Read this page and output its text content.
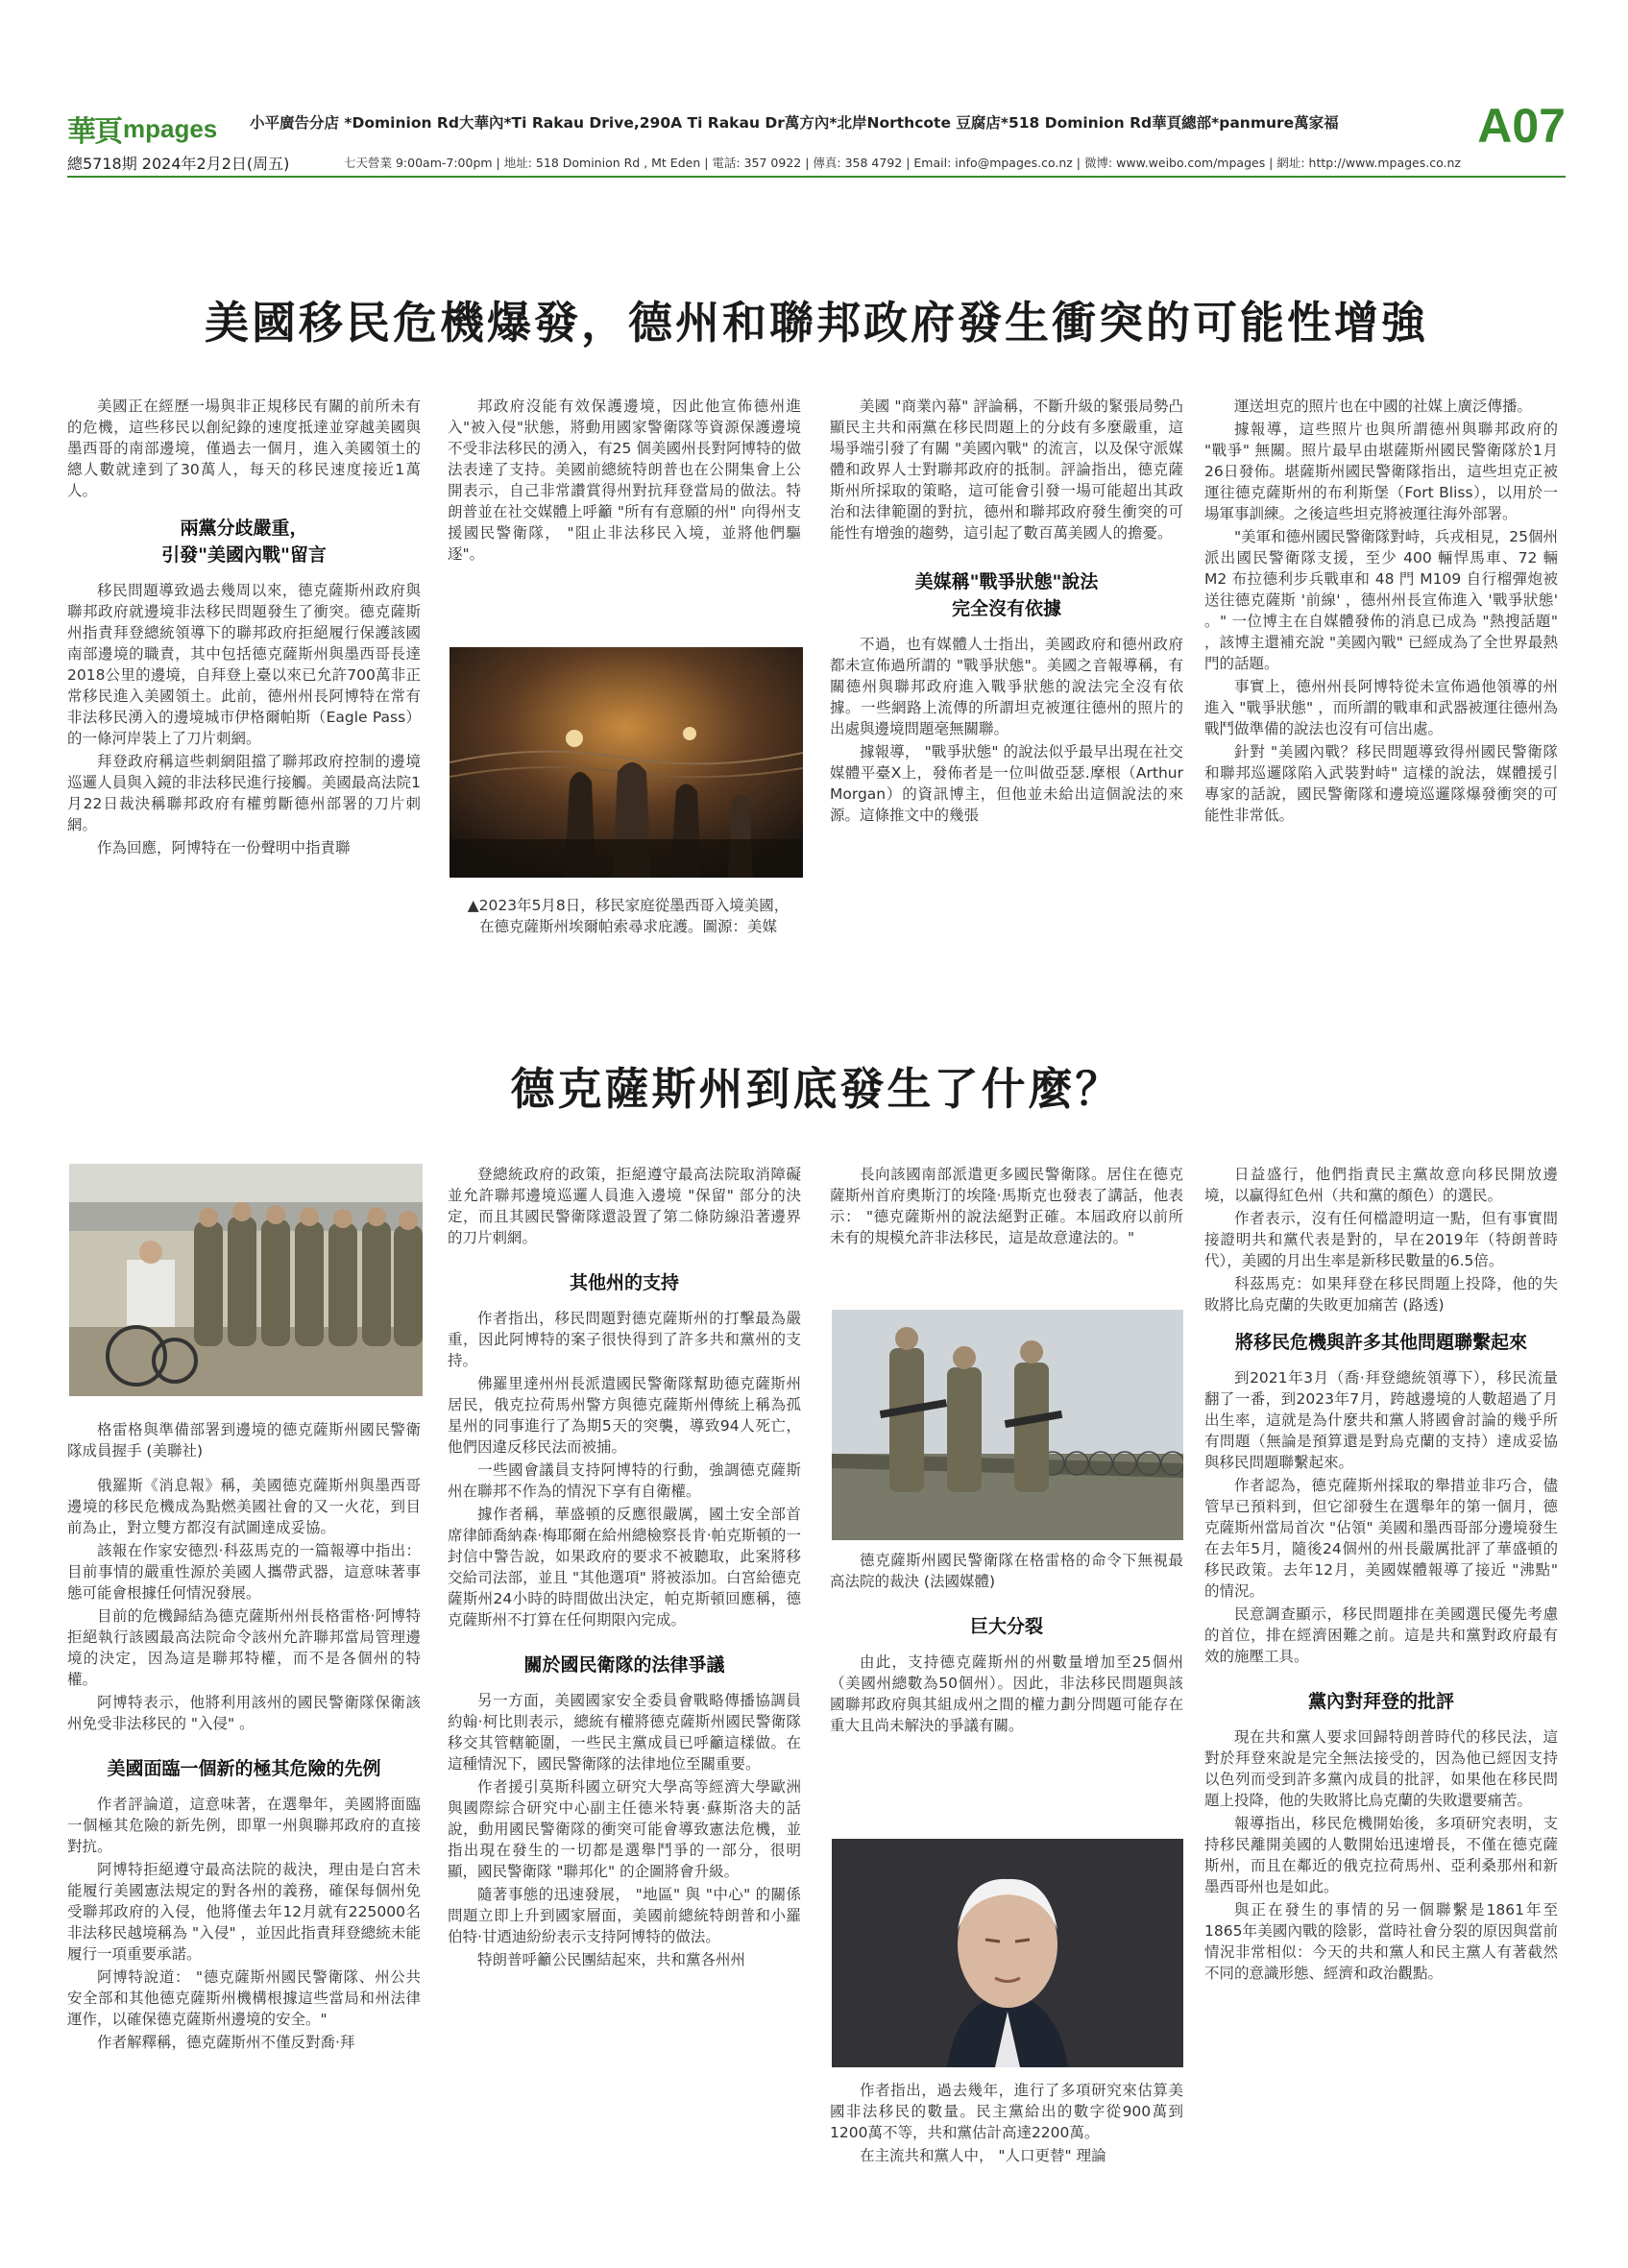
華頁 mpages 小平廣告分店 *Dominion Rd大華內*Ti Rakau Drive,290A Ti Rakau Dr萬方內*北岸Northcote 豆腐店*518 Dominion Rd華頁總部*panmure萬家福	A07
總5718期 2024年2月2日(周五)	七天營業 9:00am-7:00pm | 地址: 518 Dominion Rd , Mt Eden | 電話: 357 0922 | 傳真: 358 4792 | Email: info@mpages.co.nz | 微博: www.weibo.com/mpages | 網址: http://www.mpages.co.nz
美國移民危機爆發，德州和聯邦政府發生衝突的可能性增強

美國正在經歷一場與非正規移民有關的前所未有的危機，這些移民以創紀錄的速度抵達並穿越美國與墨西哥的南部邊境，僅過去一個月，進入美國領土的總人數就達到了30萬人，每天的移民速度接近1萬人。

兩黨分歧嚴重，
引發"美國內戰"留言

移民問題導致過去幾周以來，德克薩斯州政府與聯邦政府就邊境非法移民問題發生了衝突。德克薩斯州指責拜登總統領導下的聯邦政府拒絕履行保護該國南部邊境的職責，其中包括德克薩斯州與墨西哥長達2018公里的邊境，自拜登上臺以來已允許700萬非正常移民進入美國領土。此前，德州州長阿博特在常有非法移民湧入的邊境城市伊格爾帕斯（Eagle Pass）的一條河岸裝上了刀片刺網。

拜登政府稱這些刺網阻擋了聯邦政府控制的邊境巡邏人員與入鏡的非法移民進行接觸。美國最高法院1月22日裁決稱聯邦政府有權剪斷德州部署的刀片刺網。

作為回應，阿博特在一份聲明中指責聯

邦政府沒能有效保護邊境，因此他宣佈德州進入"被入侵"狀態，將動用國家警衛隊等資源保護邊境不受非法移民的湧入，有25 個美國州長對阿博特的做法表達了支持。美國前總統特朗普也在公開集會上公開表示，自己非常讚賞得州對抗拜登當局的做法。特朗普並在社交媒體上呼籲 "所有有意願的州" 向得州支援國民警衛隊， "阻止非法移民入境，並將他們驅逐"。

▲2023年5月8日，移民家庭從墨西哥入境美國，在德克薩斯州埃爾帕索尋求庇護。圖源：美媒

美國 "商業內幕" 評論稱，不斷升級的緊張局勢凸顯民主共和兩黨在移民問題上的分歧有多麼嚴重，這場爭端引發了有關 "美國內戰" 的流言，以及保守派媒體和政界人士對聯邦政府的抵制。評論指出，德克薩斯州所採取的策略，這可能會引發一場可能超出其政治和法律範圍的對抗，德州和聯邦政府發生衝突的可能性有增強的趨勢，這引起了數百萬美國人的擔憂。

美媒稱"戰爭狀態"說法
完全沒有依據

不過，也有媒體人士指出，美國政府和德州政府都未宣佈過所謂的 "戰爭狀態"。美國之音報導稱，有關德州與聯邦政府進入戰爭狀態的說法完全沒有依據。一些網路上流傳的所謂坦克被運往德州的照片的出處與邊境問題毫無關聯。

據報導， "戰爭狀態" 的說法似乎最早出現在社交媒體平臺X上，發佈者是一位叫做亞瑟.摩根（Arthur Morgan）的資訊博主，但他並未給出這個說法的來源。這條推文中的幾張

運送坦克的照片也在中國的社媒上廣泛傳播。

據報導，這些照片也與所謂德州與聯邦政府的 "戰爭" 無關。照片最早由堪薩斯州國民警衛隊於1月26日發佈。堪薩斯州國民警衛隊指出，這些坦克正被運往德克薩斯州的布利斯堡（Fort Bliss），以用於一場軍事訓練。之後這些坦克將被運往海外部署。

"美軍和德州國民警衛隊對峙，兵戎相見，25個州派出國民警衛隊支援，至少 400 輛悍馬車、72 輛 M2 布拉德利步兵戰車和 48 門 M109 自行榴彈炮被送往德克薩斯 '前線' ，德州州長宣佈進入 '戰爭狀態' 。" 一位博主在自媒體發佈的消息已成為 "熱搜話題" ，該博主還補充說 "美國內戰" 已經成為了全世界最熱門的話題。

事實上，德州州長阿博特從未宣佈過他領導的州進入 "戰爭狀態" ，而所謂的戰車和武器被運往德州為戰鬥做準備的說法也沒有可信出處。

針對 "美國內戰？移民問題導致得州國民警衛隊和聯邦巡邏隊陷入武裝對峙" 這樣的說法，媒體援引專家的話說，國民警衛隊和邊境巡邏隊爆發衝突的可能性非常低。

德克薩斯州到底發生了什麼？
格雷格與準備部署到邊境的德克薩斯州國民警衛隊成員握手 (美聯社)

俄羅斯《消息報》稱，美國德克薩斯州與墨西哥邊境的移民危機成為點燃美國社會的又一火花，到目前為止，對立雙方都沒有試圖達成妥協。

該報在作家安德烈·科茲馬克的一篇報導中指出：目前事情的嚴重性源於美國人攜帶武器，這意味著事態可能會根據任何情況發展。

目前的危機歸結為德克薩斯州州長格雷格·阿博特拒絕執行該國最高法院命令該州允許聯邦當局管理邊境的決定，因為這是聯邦特權，而不是各個州的特權。

阿博特表示，他將利用該州的國民警衛隊保衛該州免受非法移民的 "入侵" 。

美國面臨一個新的極其危險的先例

作者評論道，這意味著，在選舉年，美國將面臨一個極其危險的新先例，即單一州與聯邦政府的直接對抗。

阿博特拒絕遵守最高法院的裁決，理由是白宮未能履行美國憲法規定的對各州的義務，確保每個州免受聯邦政府的入侵，他將僅去年12月就有225000名非法移民越境稱為 "入侵" ，並因此指責拜登總統未能履行一項重要承諾。

阿博特說道： "德克薩斯州國民警衛隊、州公共安全部和其他德克薩斯州機構根據這些當局和州法律運作，以確保德克薩斯州邊境的安全。"

作者解釋稱，德克薩斯州不僅反對喬·拜

登總統政府的政策，拒絕遵守最高法院取消障礙並允許聯邦邊境巡邏人員進入邊境 "保留" 部分的決定，而且其國民警衛隊還設置了第二條防線沿著邊界的刀片刺網。

其他州的支持

作者指出，移民問題對德克薩斯州的打擊最為嚴重，因此阿博特的案子很快得到了許多共和黨州的支持。

佛羅里達州州長派遣國民警衛隊幫助德克薩斯州居民，俄克拉荷馬州警方與德克薩斯州傳統上稱為孤星州的同事進行了為期5天的突襲，導致94人死亡，他們因違反移民法而被捕。

一些國會議員支持阿博特的行動，強調德克薩斯州在聯邦不作為的情況下享有自衛權。

據作者稱，華盛頓的反應很嚴厲，國土安全部首席律師喬納森·梅耶爾在給州總檢察長肯·帕克斯頓的一封信中警告說，如果政府的要求不被聽取，此案將移交給司法部，並且 "其他選項" 將被添加。白宮給德克薩斯州24小時的時間做出決定，帕克斯頓回應稱，德克薩斯州不打算在任何期限內完成。

關於國民衛隊的法律爭議

另一方面，美國國家安全委員會戰略傳播協調員約翰·柯比則表示，總統有權將德克薩斯州國民警衛隊移交其管轄範圍，一些民主黨成員已呼籲這樣做。在這種情況下，國民警衛隊的法律地位至關重要。

作者援引莫斯科國立研究大學高等經濟大學歐洲與國際綜合研究中心副主任德米特裏·蘇斯洛夫的話說，動用國民警衛隊的衝突可能會導致憲法危機，並指出現在發生的一切都是選舉鬥爭的一部分，很明顯，國民警衛隊 "聯邦化" 的企圖將會升級。

隨著事態的迅速發展， "地區" 與 "中心" 的關係問題立即上升到國家層面，美國前總統特朗普和小羅伯特·甘迺迪紛紛表示支持阿博特的做法。

特朗普呼籲公民團結起來，共和黨各州州

長向該國南部派遣更多國民警衛隊。居住在德克薩斯州首府奧斯汀的埃隆·馬斯克也發表了講話，他表示： "德克薩斯州的說法絕對正確。本屆政府以前所未有的規模允許非法移民，這是故意違法的。"

德克薩斯州國民警衛隊在格雷格的命令下無視最高法院的裁決 (法國媒體)
巨大分裂

由此，支持德克薩斯州的州數量增加至25個州（美國州總數為50個州）。因此，非法移民問題與該國聯邦政府與其組成州之間的權力劃分問題可能存在重大且尚未解決的爭議有關。

作者指出，過去幾年，進行了多項研究來估算美國非法移民的數量。民主黨給出的數字從900萬到1200萬不等，共和黨估計高達2200萬。

在主流共和黨人中， "人口更替" 理論

日益盛行，他們指責民主黨故意向移民開放邊境，以贏得紅色州（共和黨的顏色）的選民。

作者表示，沒有任何檔證明這一點，但有事實間接證明共和黨代表是對的，早在2019年（特朗普時代），美國的月出生率是新移民數量的6.5倍。

科茲馬克：如果拜登在移民問題上投降，他的失敗將比烏克蘭的失敗更加痛苦 (路透)

將移民危機與許多其他問題聯繫起來

到2021年3月（喬·拜登總統領導下），移民流量翻了一番，到2023年7月，跨越邊境的人數超過了月出生率，這就是為什麼共和黨人將國會討論的幾乎所有問題（無論是預算還是對烏克蘭的支持）達成妥協與移民問題聯繫起來。

作者認為，德克薩斯州採取的舉措並非巧合，儘管早已預料到，但它卻發生在選舉年的第一個月，德克薩斯州當局首次 "佔領" 美國和墨西哥部分邊境發生在去年5月，隨後24個州的州長嚴厲批評了華盛頓的移民政策。去年12月，美國媒體報導了接近 "沸點" 的情況。

民意調查顯示，移民問題排在美國選民優先考慮的首位，排在經濟困難之前。這是共和黨對政府最有效的施壓工具。

黨內對拜登的批評

現在共和黨人要求回歸特朗普時代的移民法，這對於拜登來說是完全無法接受的，因為他已經因支持以色列而受到許多黨內成員的批評，如果他在移民問題上投降，他的失敗將比烏克蘭的失敗還要痛苦。

報導指出，移民危機開始後，多項研究表明，支持移民離開美國的人數開始迅速增長，不僅在德克薩斯州，而且在鄰近的俄克拉荷馬州、亞利桑那州和新墨西哥州也是如此。

與正在發生的事情的另一個聯繫是1861年至1865年美國內戰的陰影，當時社會分裂的原因與當前情況非常相似：今天的共和黨人和民主黨人有著截然不同的意識形態、經濟和政治觀點。
